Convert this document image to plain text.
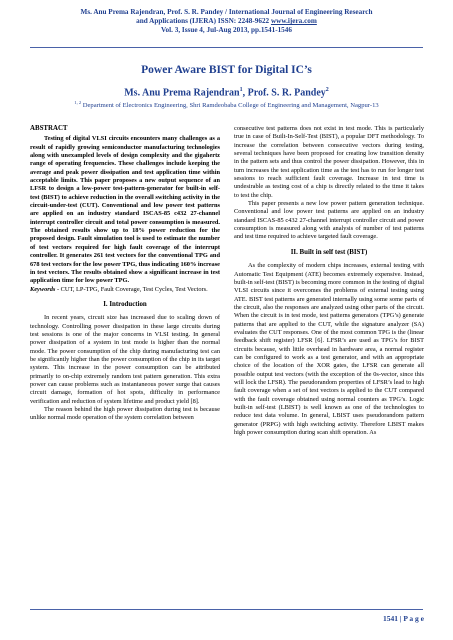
Ms. Anu Prema Rajendran, Prof. S. R. Pandey / International Journal of Engineering Research
and Applications (IJERA) ISSN: 2248-9622 www.ijera.com
Vol. 3, Issue 4, Jul-Aug 2013, pp.1541-1546
Power Aware BIST for Digital IC’s
Ms. Anu Prema Rajendran$^1$, Prof. S. R. Pandey$^2$
$^{1, 2}$ Department of Electronics Engineering, Shri Ramdeobaba College of Engineering and Management, Nagpur-13
ABSTRACT

Testing of digital VLSI circuits encounters many challenges as a result of rapidly growing semiconductor manufacturing technologies along with unexampled levels of design complexity and the gigahertz range of operating frequencies. These challenges include keeping the average and peak power dissipation and test application time within acceptable limits. This paper proposes a new output sequence of an LFSR to design a low-power test-pattern-generator for built-in self-test (BIST) to achieve reduction in the overall switching activity in the circuit-under-test (CUT). Conventional and low power test patterns are applied on an industry standard ISCAS-85 c432 27-channel interrupt controller circuit and total power consumption is measured. The obtained results show up to 18% power reduction for the proposed design. Fault simulation tool is used to estimate the number of test vectors required for high fault coverage of the interrupt controller. It generates 261 test vectors for the conventional TPG and 678 test vectors for the low power TPG, thus indicating 160% increase in test vectors. The results obtained show a significant increase in test application time for low power TPG.

Keywords - CUT, LP-TPG, Fault Coverage, Test Cycles, Test Vectors.

I. Introduction

In recent years, circuit size has increased due to scaling down of technology. Controlling power dissipation in these large circuits during test sessions is one of the major concerns in VLSI testing. In general power dissipation of a system in test mode is higher than the normal mode. The power consumption of the chip during manufacturing test can be significantly higher than the power consumption of the chip in its target system. This increase in the power consumption can be attributed primarily to on-chip extremely random test pattern generation. This extra power can cause problems such as instantaneous power surge that causes circuit damage, formation of hot spots, difficulty in performance verification and reduction of system lifetime and product yield [8].

The reason behind the high power dissipation during test is because unlike normal mode operation of the system correlation between

consecutive test patterns does not exist in test mode. This is particularly true in case of Built-In-Self-Test (BIST), a popular DFT methodology. To increase the correlation between consecutive vectors during testing, several techniques have been proposed for creating low transition density in the pattern sets and thus control the power dissipation. However, this in turn increases the test application time as the test has to run for longer test sessions to reach sufficient fault coverage. Increase in test time is undesirable as testing cost of a chip is directly related to the time it takes to test the chip.

This paper presents a new low power pattern generation technique. Conventional and low power test patterns are applied on an industry standard ISCAS-85 c432 27-channel interrupt controller circuit and power consumption is measured along with analysis of number of test patterns and test time required to achieve targeted fault coverage.

II. Built in self test (BIST)

As the complexity of modern chips increases, external testing with Automatic Test Equipment (ATE) becomes extremely expensive. Instead, built-in self-test (BIST) is becoming more common in the testing of digital VLSI circuits since it overcomes the problems of external testing using ATE. BIST test patterns are generated internally using some some parts of the circuit, also the responses are analyzed using other parts of the circuit. When the circuit is in test mode, test patterns generators (TPG’s) generate patterns that are applied to the CUT, while the signature analyzer (SA) evaluates the CUT responses. One of the most common TPG is the (linear feedback shift register) LFSR [6]. LFSR’s are used as TPG’s for BIST circuits because, with little overhead in hardware area, a normal register can be configured to work as a test generator, and with an appropriate choice of the location of the XOR gates, the LFSR can generate all possible output test vectors (with the exception of the 0s-vector, since this will lock the LFSR). The pseudorandom properties of LFSR’s lead to high fault coverage when a set of test vectors is applied to the CUT compared with the fault coverage obtained using normal counters as TPG’s. Logic built-in self-test (LBIST) is well known as one of the technologies to reduce test data volume. In general, LBIST uses pseudorandom pattern generator (PRPG) with high switching activity. Therefore LBIST makes high power consumption during scan shift operation. As

1541 | P a g e
